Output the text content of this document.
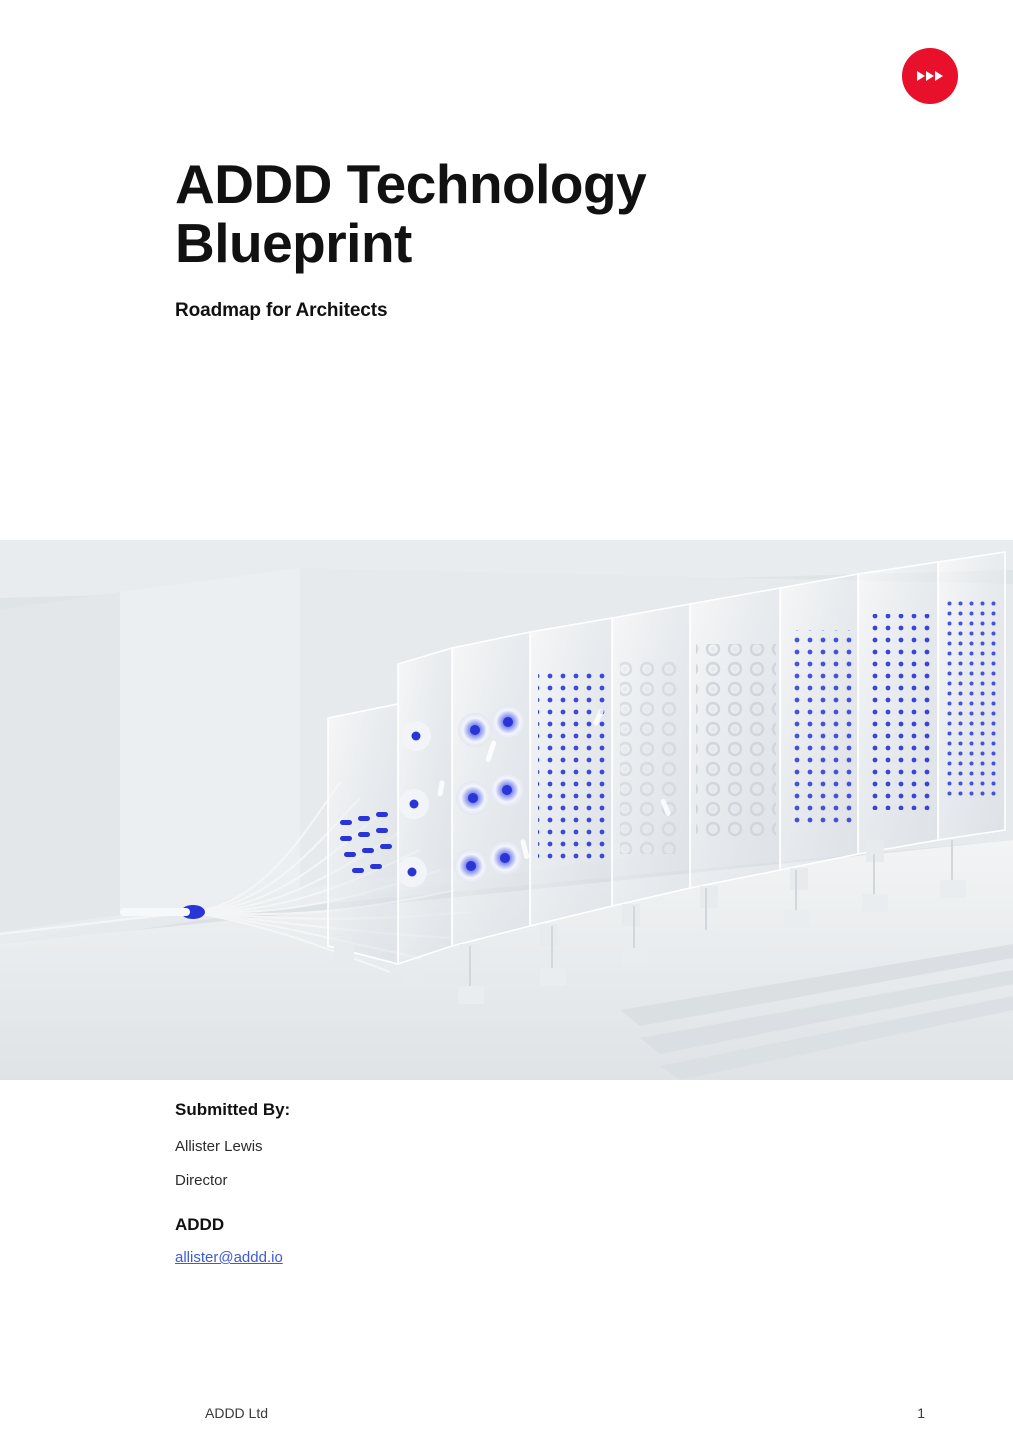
ADDD Technology Blueprint

Roadmap for Architects

Submitted By:

Allister Lewis

Director

ADDD

allister@addd.io
ADDD Ltd	1
